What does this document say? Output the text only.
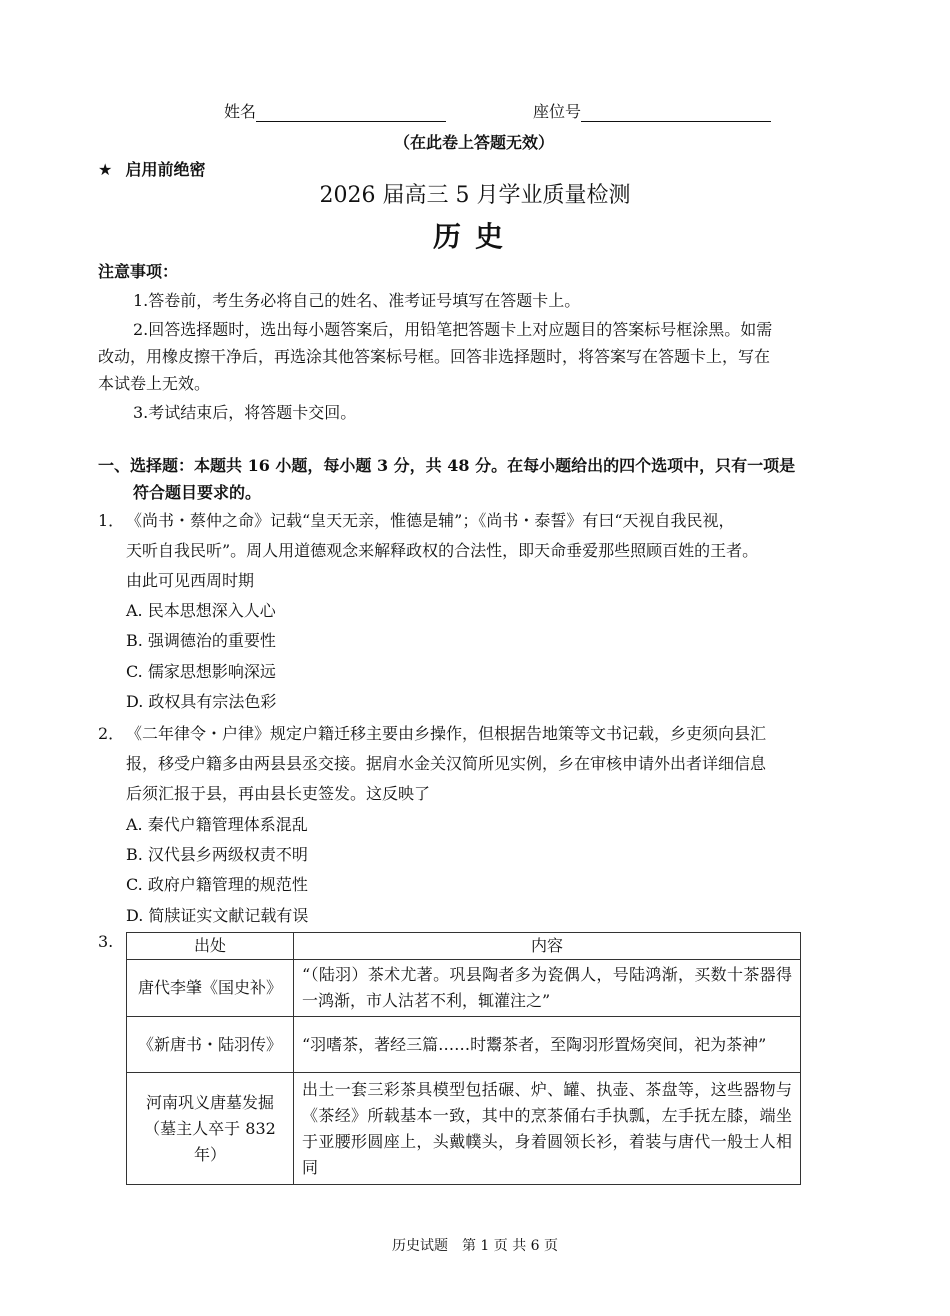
姓名	座位号
（在此卷上答题无效）
★ 启用前绝密
2026 届高三 5 月学业质量检测
历史
注意事项：
1.答卷前，考生务必将自己的姓名、准考证号填写在答题卡上。
2.回答选择题时，选出每小题答案后，用铅笔把答题卡上对应题目的答案标号框涂黑。如需
改动，用橡皮擦干净后，再选涂其他答案标号框。回答非选择题时，将答案写在答题卡上，写在
本试卷上无效。
3.考试结束后，将答题卡交回。
一、选择题：本题共 16 小题，每小题 3 分，共 48 分。在每小题给出的四个选项中，只有一项是
符合题目要求的。
1． 《尚书・蔡仲之命》记载“皇天无亲，惟德是辅”；《尚书・泰誓》有曰“天视自我民视，
天听自我民听”。周人用道德观念来解释政权的合法性，即天命垂爱那些照顾百姓的王者。
由此可见西周时期
A. 民本思想深入人心
B. 强调德治的重要性
C. 儒家思想影响深远
D. 政权具有宗法色彩
2． 《二年律令・户律》规定户籍迁移主要由乡操作，但根据告地策等文书记载，乡吏须向县汇
报，移受户籍多由两县县丞交接。据肩水金关汉简所见实例，乡在审核申请外出者详细信息
后须汇报于县，再由县长吏签发。这反映了
A. 秦代户籍管理体系混乱
B. 汉代县乡两级权责不明
C. 政府户籍管理的规范性
D. 简牍证实文献记载有误
3.	出处	内容
唐代李肇《国史补》	“（陆羽）茶术尤著。巩县陶者多为瓷偶人，号陆鸿渐，买数十茶器得一鸿渐，市人沽茗不利，辄灌注之”
《新唐书・陆羽传》	“羽嗜茶，著经三篇……时鬻茶者，至陶羽形置炀突间，祀为茶神”
河南巩义唐墓发掘（墓主人卒于 832 年）	出土一套三彩茶具模型包括碾、炉、罐、执壶、茶盘等，这些器物与《茶经》所载基本一致，其中的烹茶俑右手执瓢，左手抚左膝，端坐于亚腰形圆座上，头戴幞头，身着圆领长衫，着装与唐代一般士人相同
历史试题　第 1 页 共 6 页
